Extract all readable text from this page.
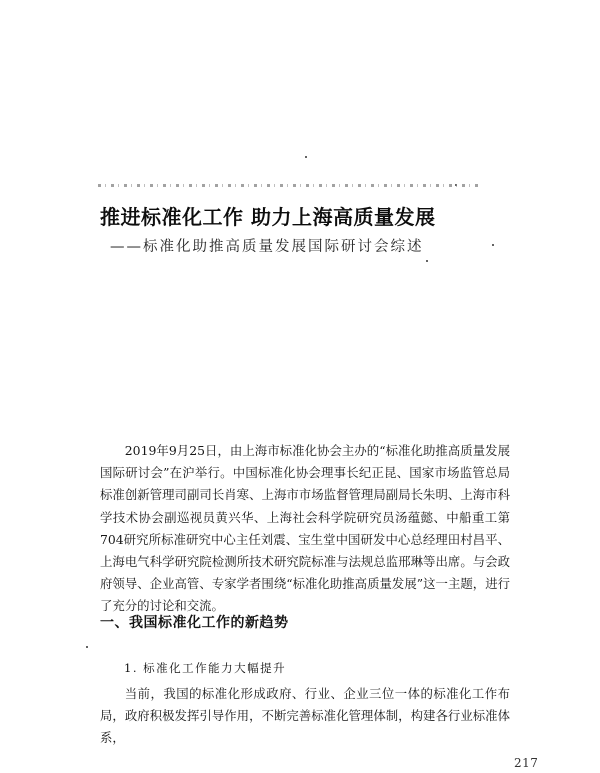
推进标准化工作 助力上海高质量发展
——标准化助推高质量发展国际研讨会综述

2019年9月25日，由上海市标准化协会主办的“标准化助推高质量发展国际研讨会”在沪举行。中国标准化协会理事长纪正昆、国家市场监管总局标准创新管理司副司长肖寒、上海市市场监督管理局副局长朱明、上海市科学技术协会副巡视员黄兴华、上海社会科学院研究员汤蕴懿、中船重工第704研究所标准研究中心主任刘震、宝生堂中国研发中心总经理田村昌平、上海电气科学研究院检测所技术研究院标准与法规总监邢琳等出席。与会政府领导、企业高管、专家学者围绕“标准化助推高质量发展”这一主题，进行了充分的讨论和交流。

一、我国标准化工作的新趋势
1. 标准化工作能力大幅提升

当前，我国的标准化形成政府、行业、企业三位一体的标准化工作布局，政府积极发挥引导作用，不断完善标准化管理体制，构建各行业标准体系，

217
